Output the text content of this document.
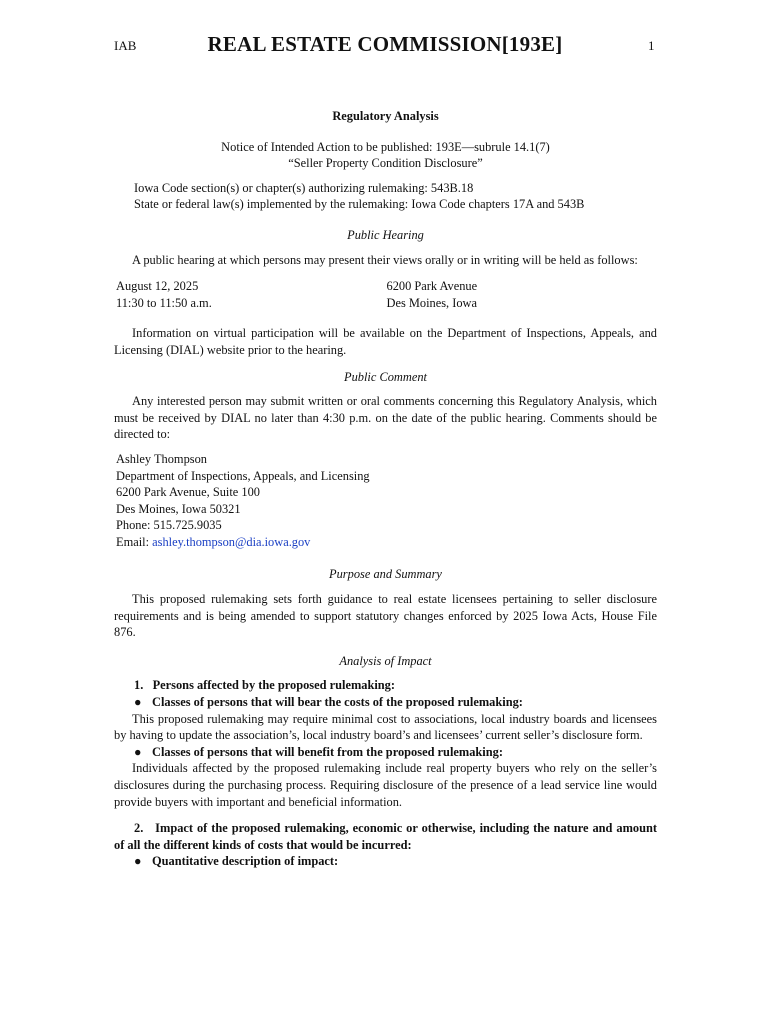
IAB	REAL ESTATE COMMISSION[193E]	1

Regulatory Analysis

Notice of Intended Action to be published: 193E—subrule 14.1(7)

“Seller Property Condition Disclosure”

Iowa Code section(s) or chapter(s) authorizing rulemaking: 543B.18

State or federal law(s) implemented by the rulemaking: Iowa Code chapters 17A and 543B

Public Hearing

A public hearing at which persons may present their views orally or in writing will be held as follows:

August 12, 2025
11:30 to 11:50 a.m.
6200 Park Avenue
Des Moines, Iowa

Information on virtual participation will be available on the Department of Inspections, Appeals, and Licensing (DIAL) website prior to the hearing.

Public Comment

Any interested person may submit written or oral comments concerning this Regulatory Analysis, which must be received by DIAL no later than 4:30 p.m. on the date of the public hearing. Comments should be directed to:

Ashley Thompson
Department of Inspections, Appeals, and Licensing
6200 Park Avenue, Suite 100
Des Moines, Iowa 50321
Phone: 515.725.9035
Email: ashley.thompson@dia.iowa.gov

Purpose and Summary

This proposed rulemaking sets forth guidance to real estate licensees pertaining to seller disclosure requirements and is being amended to support statutory changes enforced by 2025 Iowa Acts, House File 876.

Analysis of Impact

1. Persons affected by the proposed rulemaking:

● Classes of persons that will bear the costs of the proposed rulemaking:

This proposed rulemaking may require minimal cost to associations, local industry boards and licensees by having to update the association’s, local industry board’s and licensees’ current seller’s disclosure form.

● Classes of persons that will benefit from the proposed rulemaking:

Individuals affected by the proposed rulemaking include real property buyers who rely on the seller’s disclosures during the purchasing process. Requiring disclosure of the presence of a lead service line would provide buyers with important and beneficial information.

2. Impact of the proposed rulemaking, economic or otherwise, including the nature and amount of all the different kinds of costs that would be incurred:

● Quantitative description of impact:
